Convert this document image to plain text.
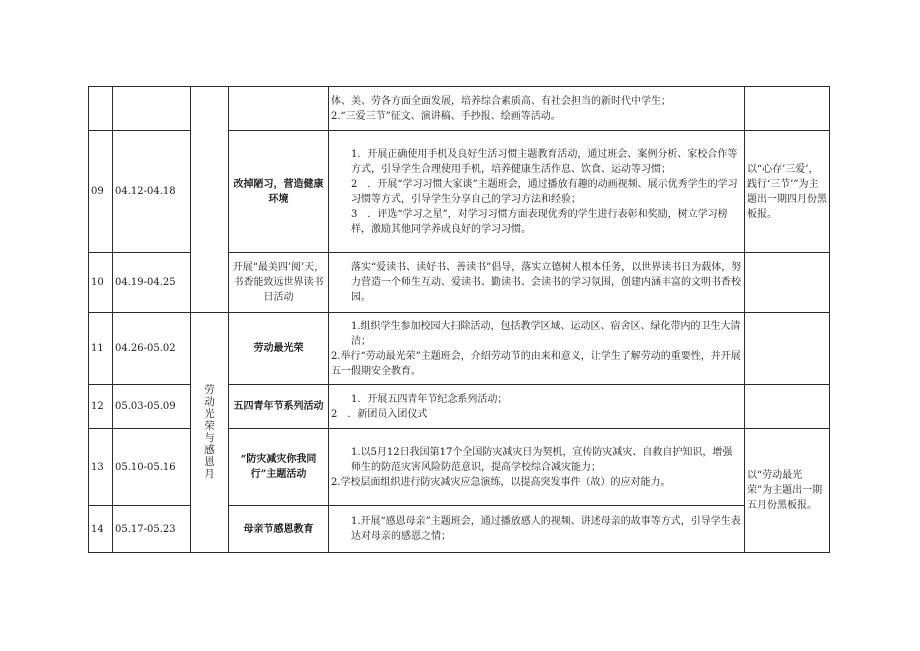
				体、美、劳各方面全面发展，培养综合素质高、有社会担当的新时代中学生；
2.“三爱三节”征文、演讲稿、手抄报、绘画等活动。	

09	04.12-04.18		改掉陋习，营造健康环境	1．开展正确使用手机及良好生活习惯主题教育活动，通过班会、案例分析、家校合作等方式，引导学生合理使用手机，培养健康生活作息、饮食、运动等习惯；
2　．开展“学习习惯大家谈”主题班会，通过播放有趣的动画视频、展示优秀学生的学习习惯等方式，引导学生分享自己的学习方法和经验；
3　．评选“学习之星”，对学习习惯方面表现优秀的学生进行表彰和奖励，树立学习榜样，激励其他同学养成良好的学习习惯。	以“心存’三爱’，践行‘三节’”为主题出一期四月份黑板报。
10	04.19-04.25		开展“最美四’阅’天，书香能致远世界读书日活动	落实“爱读书、读好书、善读书”倡导，落实立德树人根本任务，以世界读书日为载体，努力营造一个师生互动、爱读书、勤读书、会读书的学习氛围，创建内涵丰富的文明书香校园。	

11	04.26-05.02	劳动光荣与感恩月	劳动最光荣	1.组织学生参加校园大扫除活动，包括教学区域、运动区、宿舍区、绿化带内的卫生大清洁；
2.举行“劳动最光荣”主题班会，介绍劳动节的由来和意义，让学生了解劳动的重要性，并开展五一假期安全教育。	

12	05.03-05.09		五四青年节系列活动	1．开展五四青年节纪念系列活动；
2　．新团员入团仪式	

13	05.10-05.16		“防灾减灾你我同行”主题活动	1.以5月12日我国第17个全国防灾减灾日为契机，宣传防灾减灾、自救自护知识，增强师生的防范灾害风险防范意识，提高学校综合减灾能力；
2.学校层面组织进行防灾减灾应急演练，以提高突发事件（故）的应对能力。	以“劳动最光荣”为主题出一期五月份黑板报。
14	05.17-05.23		母亲节感恩教育	1.开展“感恩母亲”主题班会，通过播放感人的视频、讲述母亲的故事等方式，引导学生表达对母亲的感恩之情；	
